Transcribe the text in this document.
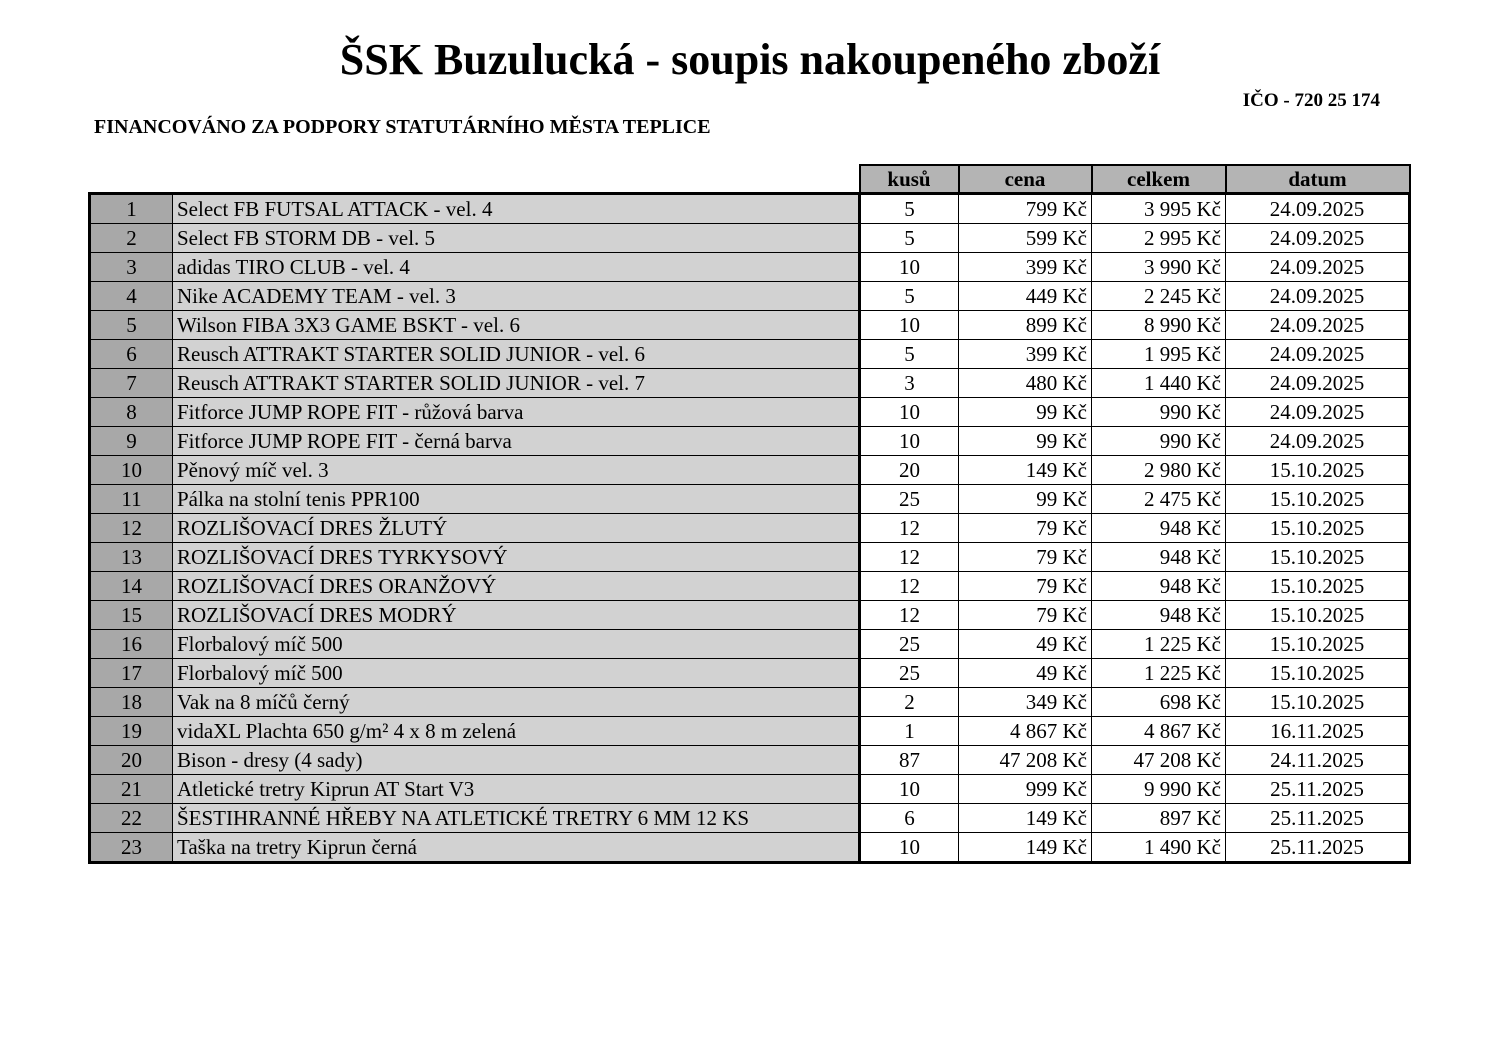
ŠSK Buzulucká - soupis nakoupeného zboží
IČO - 720 25 174
FINANCOVÁNO ZA PODPORY STATUTÁRNÍHO MĚSTA TEPLICE
		kusů	cena	celkem	datum
1	Select FB FUTSAL ATTACK - vel. 4	5	799 Kč	3 995 Kč	24.09.2025
2	Select FB STORM DB - vel. 5	5	599 Kč	2 995 Kč	24.09.2025
3	adidas TIRO CLUB - vel. 4	10	399 Kč	3 990 Kč	24.09.2025
4	Nike ACADEMY TEAM - vel. 3	5	449 Kč	2 245 Kč	24.09.2025
5	Wilson FIBA 3X3 GAME BSKT - vel. 6	10	899 Kč	8 990 Kč	24.09.2025
6	Reusch ATTRAKT STARTER SOLID JUNIOR - vel. 6	5	399 Kč	1 995 Kč	24.09.2025
7	Reusch ATTRAKT STARTER SOLID JUNIOR - vel. 7	3	480 Kč	1 440 Kč	24.09.2025
8	Fitforce JUMP ROPE FIT - růžová barva	10	99 Kč	990 Kč	24.09.2025
9	Fitforce JUMP ROPE FIT - černá barva	10	99 Kč	990 Kč	24.09.2025
10	Pěnový míč vel. 3	20	149 Kč	2 980 Kč	15.10.2025
11	Pálka na stolní tenis PPR100	25	99 Kč	2 475 Kč	15.10.2025
12	ROZLIŠOVACÍ DRES ŽLUTÝ	12	79 Kč	948 Kč	15.10.2025
13	ROZLIŠOVACÍ DRES TYRKYSOVÝ	12	79 Kč	948 Kč	15.10.2025
14	ROZLIŠOVACÍ DRES ORANŽOVÝ	12	79 Kč	948 Kč	15.10.2025
15	ROZLIŠOVACÍ DRES MODRÝ	12	79 Kč	948 Kč	15.10.2025
16	Florbalový míč 500	25	49 Kč	1 225 Kč	15.10.2025
17	Florbalový míč 500	25	49 Kč	1 225 Kč	15.10.2025
18	Vak na 8 míčů černý	2	349 Kč	698 Kč	15.10.2025
19	vidaXL Plachta 650 g/m² 4 x 8 m zelená	1	4 867 Kč	4 867 Kč	16.11.2025
20	Bison - dresy (4 sady)	87	47 208 Kč	47 208 Kč	24.11.2025
21	Atletické tretry Kiprun AT Start V3	10	999 Kč	9 990 Kč	25.11.2025
22	ŠESTIHRANNÉ HŘEBY NA ATLETICKÉ TRETRY 6 MM 12 KS	6	149 Kč	897 Kč	25.11.2025
23	Taška na tretry Kiprun černá	10	149 Kč	1 490 Kč	25.11.2025
